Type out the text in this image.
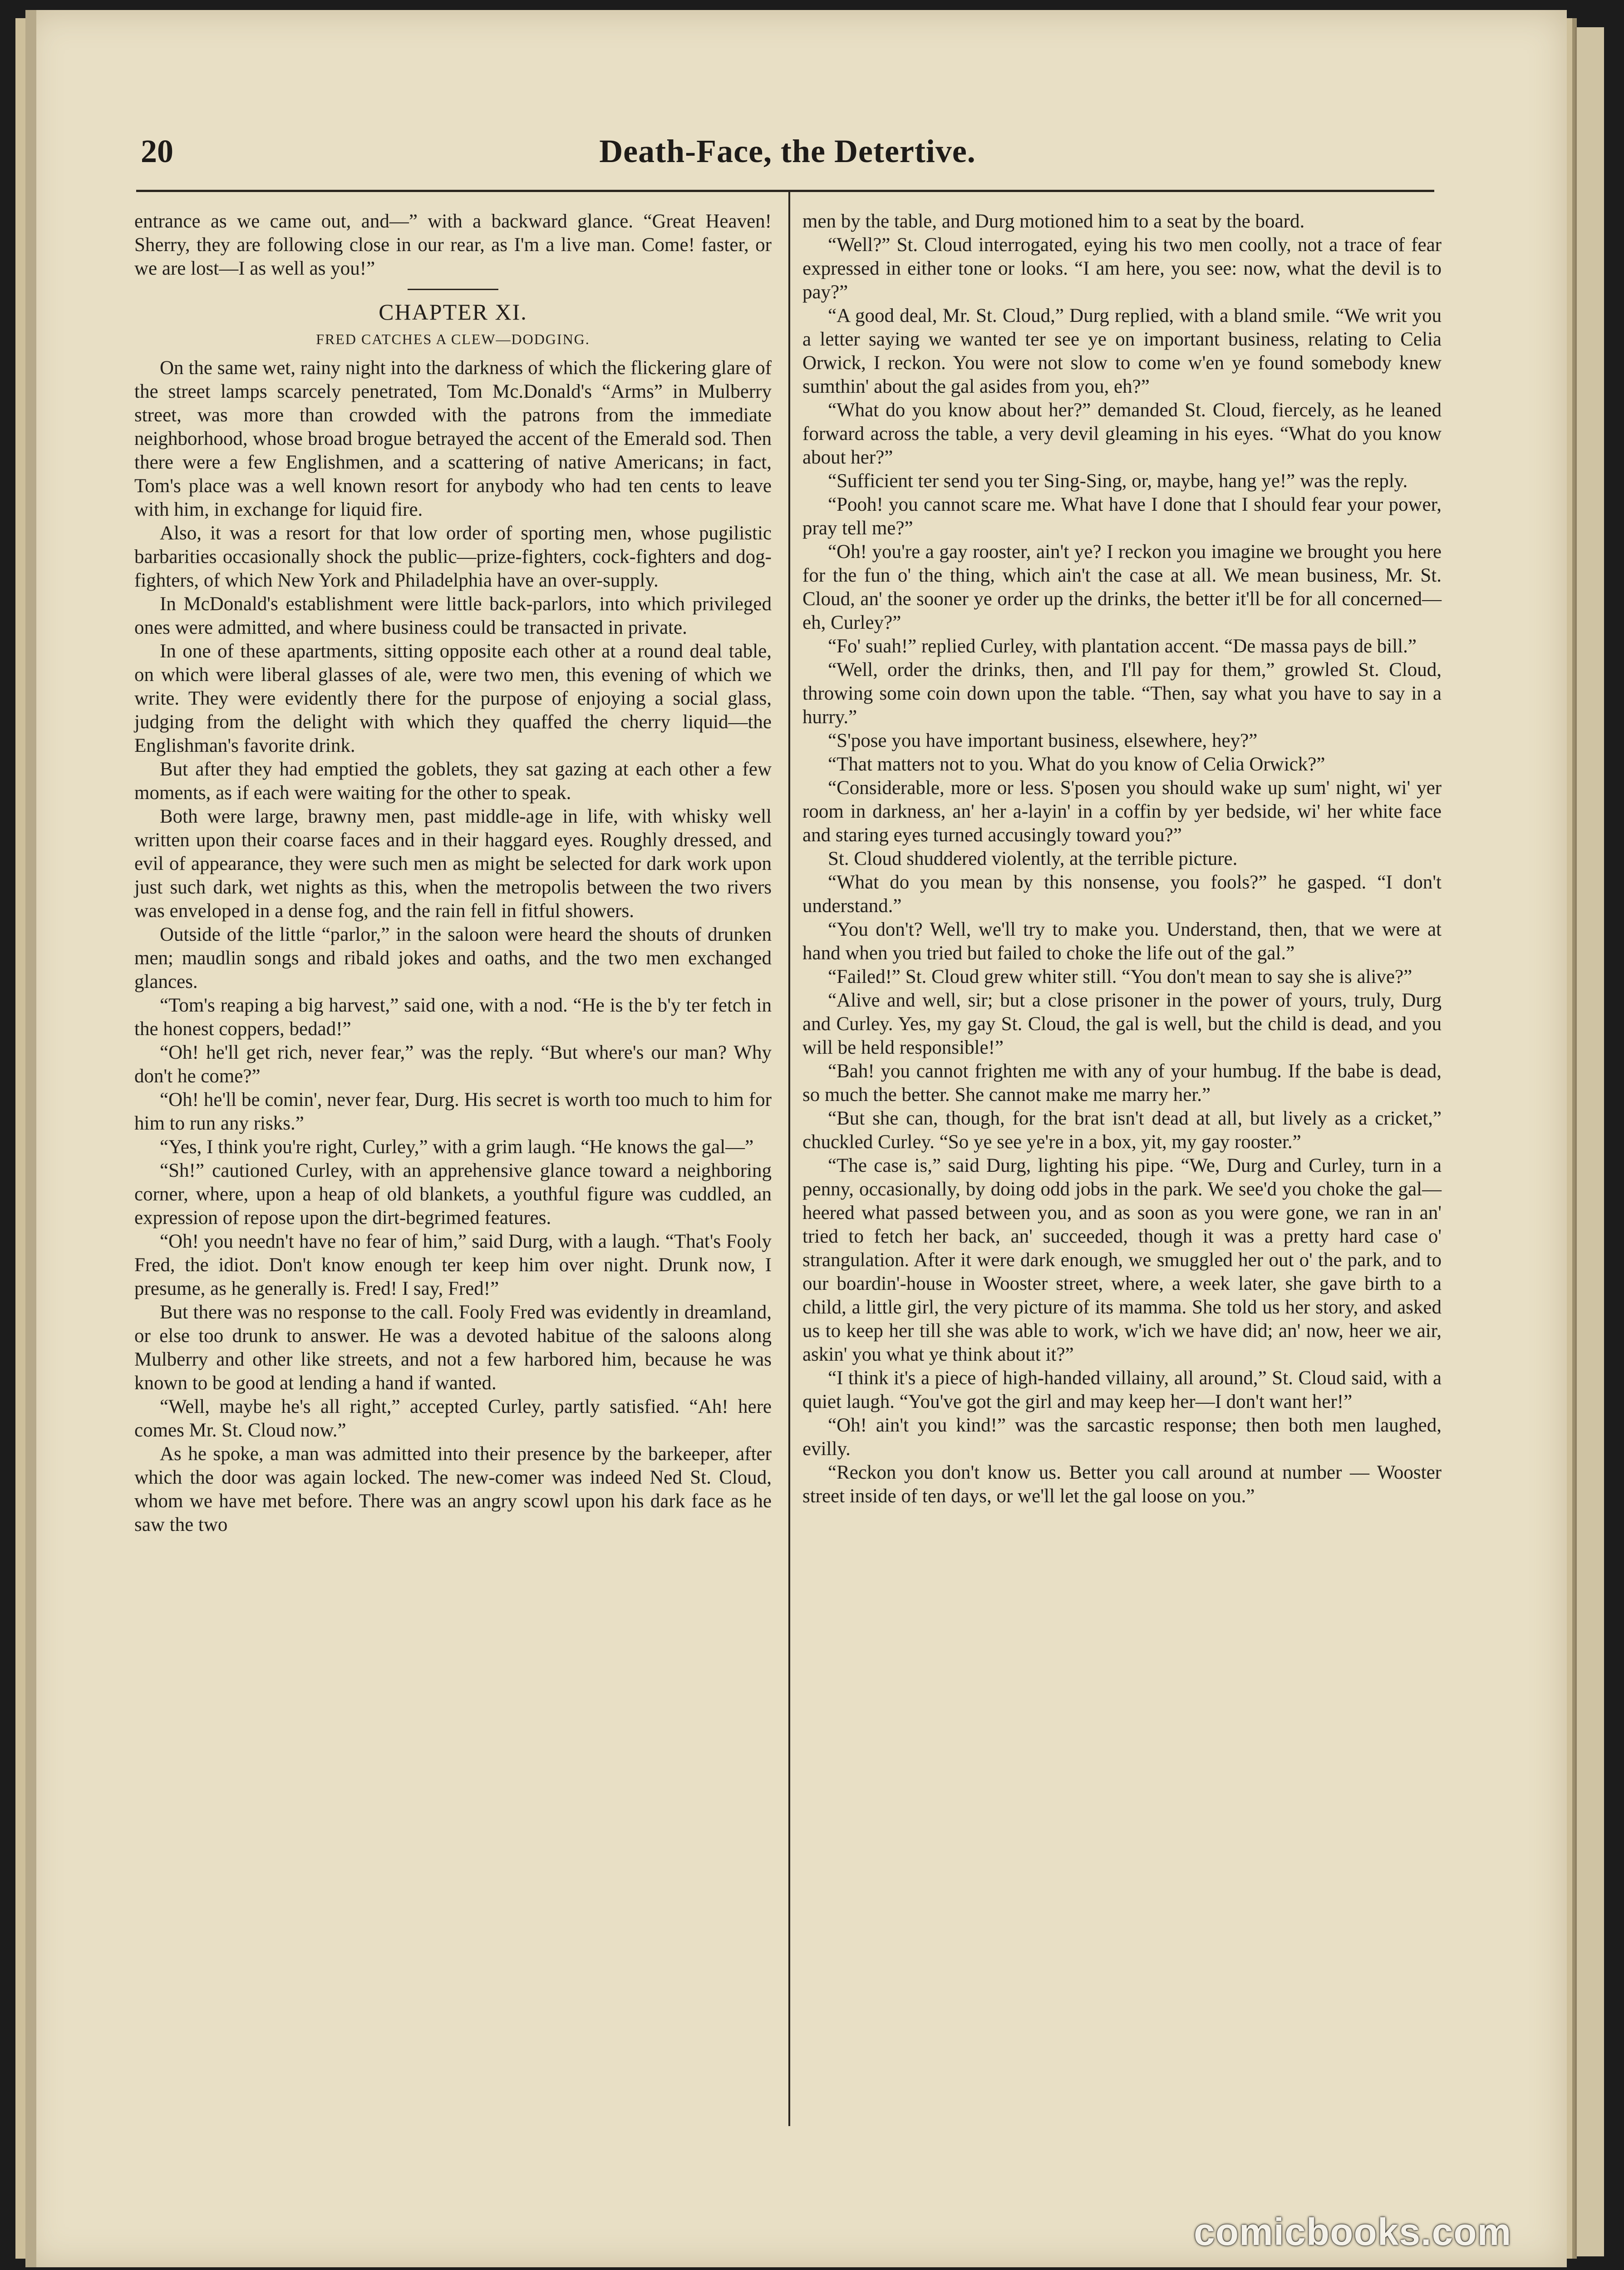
20	Death-Face, the Detertive.

entrance as we came out, and—” with a backward glance. “Great Heaven! Sherry, they are following close in our rear, as I'm a live man. Come! faster, or we are lost—I as well as you!”

CHAPTER XI.
FRED CATCHES A CLEW—DODGING.

On the same wet, rainy night into the darkness of which the flickering glare of the street lamps scarcely penetrated, Tom Mc.Donald's “Arms” in Mulberry street, was more than crowded with the patrons from the immediate neighborhood, whose broad brogue betrayed the accent of the Emerald sod. Then there were a few Englishmen, and a scattering of native Americans; in fact, Tom's place was a well known resort for anybody who had ten cents to leave with him, in exchange for liquid fire.

Also, it was a resort for that low order of sporting men, whose pugilistic barbarities occasionally shock the public—prize-fighters, cock-fighters and dog-fighters, of which New York and Philadelphia have an over-supply.

In McDonald's establishment were little back-parlors, into which privileged ones were admitted, and where business could be transacted in private.

In one of these apartments, sitting opposite each other at a round deal table, on which were liberal glasses of ale, were two men, this evening of which we write. They were evidently there for the purpose of enjoying a social glass, judging from the delight with which they quaffed the cherry liquid—the Englishman's favorite drink.

But after they had emptied the goblets, they sat gazing at each other a few moments, as if each were waiting for the other to speak.

Both were large, brawny men, past middle-age in life, with whisky well written upon their coarse faces and in their haggard eyes. Roughly dressed, and evil of appearance, they were such men as might be selected for dark work upon just such dark, wet nights as this, when the metropolis between the two rivers was enveloped in a dense fog, and the rain fell in fitful showers.

Outside of the little “parlor,” in the saloon were heard the shouts of drunken men; maudlin songs and ribald jokes and oaths, and the two men exchanged glances.

“Tom's reaping a big harvest,” said one, with a nod. “He is the b'y ter fetch in the honest coppers, bedad!”

“Oh! he'll get rich, never fear,” was the reply. “But where's our man? Why don't he come?”

“Oh! he'll be comin', never fear, Durg. His secret is worth too much to him for him to run any risks.”

“Yes, I think you're right, Curley,” with a grim laugh. “He knows the gal—”

“Sh!” cautioned Curley, with an apprehensive glance toward a neighboring corner, where, upon a heap of old blankets, a youthful figure was cuddled, an expression of repose upon the dirt-begrimed features.

“Oh! you needn't have no fear of him,” said Durg, with a laugh. “That's Fooly Fred, the idiot. Don't know enough ter keep him over night. Drunk now, I presume, as he generally is. Fred! I say, Fred!”

But there was no response to the call. Fooly Fred was evidently in dreamland, or else too drunk to answer. He was a devoted habitue of the saloons along Mulberry and other like streets, and not a few harbored him, because he was known to be good at lending a hand if wanted.

“Well, maybe he's all right,” accepted Curley, partly satisfied. “Ah! here comes Mr. St. Cloud now.”

As he spoke, a man was admitted into their presence by the barkeeper, after which the door was again locked. The new-comer was indeed Ned St. Cloud, whom we have met before. There was an angry scowl upon his dark face as he saw the two

men by the table, and Durg motioned him to a seat by the board.

“Well?” St. Cloud interrogated, eying his two men coolly, not a trace of fear expressed in either tone or looks. “I am here, you see: now, what the devil is to pay?”

“A good deal, Mr. St. Cloud,” Durg replied, with a bland smile. “We writ you a letter saying we wanted ter see ye on important business, relating to Celia Orwick, I reckon. You were not slow to come w'en ye found somebody knew sumthin' about the gal asides from you, eh?”

“What do you know about her?” demanded St. Cloud, fiercely, as he leaned forward across the table, a very devil gleaming in his eyes. “What do you know about her?”

“Sufficient ter send you ter Sing-Sing, or, maybe, hang ye!” was the reply.

“Pooh! you cannot scare me. What have I done that I should fear your power, pray tell me?”

“Oh! you're a gay rooster, ain't ye? I reckon you imagine we brought you here for the fun o' the thing, which ain't the case at all. We mean business, Mr. St. Cloud, an' the sooner ye order up the drinks, the better it'll be for all concerned—eh, Curley?”

“Fo' suah!” replied Curley, with plantation accent. “De massa pays de bill.”

“Well, order the drinks, then, and I'll pay for them,” growled St. Cloud, throwing some coin down upon the table. “Then, say what you have to say in a hurry.”

“S'pose you have important business, elsewhere, hey?”

“That matters not to you. What do you know of Celia Orwick?”

“Considerable, more or less. S'posen you should wake up sum' night, wi' yer room in darkness, an' her a-layin' in a coffin by yer bedside, wi' her white face and staring eyes turned accusingly toward you?”

St. Cloud shuddered violently, at the terrible picture.

“What do you mean by this nonsense, you fools?” he gasped. “I don't understand.”

“You don't? Well, we'll try to make you. Understand, then, that we were at hand when you tried but failed to choke the life out of the gal.”

“Failed!” St. Cloud grew whiter still. “You don't mean to say she is alive?”

“Alive and well, sir; but a close prisoner in the power of yours, truly, Durg and Curley. Yes, my gay St. Cloud, the gal is well, but the child is dead, and you will be held responsible!”

“Bah! you cannot frighten me with any of your humbug. If the babe is dead, so much the better. She cannot make me marry her.”

“But she can, though, for the brat isn't dead at all, but lively as a cricket,” chuckled Curley. “So ye see ye're in a box, yit, my gay rooster.”

“The case is,” said Durg, lighting his pipe. “We, Durg and Curley, turn in a penny, occasionally, by doing odd jobs in the park. We see'd you choke the gal—heered what passed between you, and as soon as you were gone, we ran in an' tried to fetch her back, an' succeeded, though it was a pretty hard case o' strangulation. After it were dark enough, we smuggled her out o' the park, and to our boardin'-house in Wooster street, where, a week later, she gave birth to a child, a little girl, the very picture of its mamma. She told us her story, and asked us to keep her till she was able to work, w'ich we have did; an' now, heer we air, askin' you what ye think about it?”

“I think it's a piece of high-handed villainy, all around,” St. Cloud said, with a quiet laugh. “You've got the girl and may keep her—I don't want her!”

“Oh! ain't you kind!” was the sarcastic response; then both men laughed, evilly.

“Reckon you don't know us. Better you call around at number — Wooster street inside of ten days, or we'll let the gal loose on you.”

comicbooks.com
